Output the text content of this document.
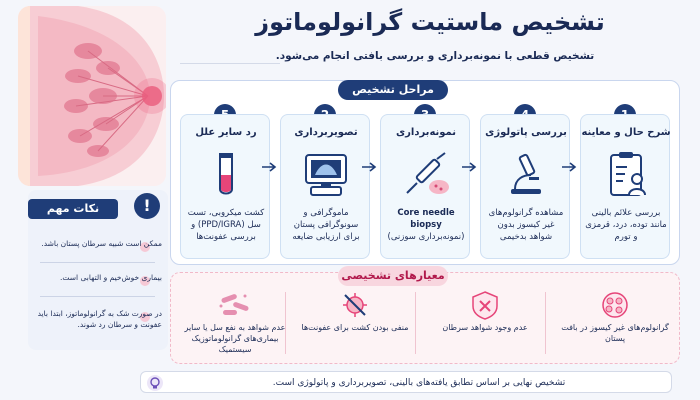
تشخیص ماستیت گرانولوماتوز
تشخیص قطعی با نمونه‌برداری و بررسی بافتی انجام می‌شود.
مراحل تشخیص
شرح حال و معاینه
بررسی علائم بالینی مانند توده، درد، قرمزی و تورم
تصویربرداری
ماموگرافی و سونوگرافی پستان برای ارزیابی ضایعه
نمونه‌برداری
Core needle biopsy
(نمونه‌برداری سوزنی)
بررسی پاتولوژی
مشاهده گرانولوم‌های غیر کیسوز بدون شواهد بدخیمی
رد سایر علل
کشت میکروبی، تست سل (PPD/IGRA) و بررسی عفونت‌ها
نکات مهم	!
ممکن است شبیه سرطان پستان باشد.
بیماری خوش‌خیم و التهابی است.
در صورت شک به گرانولوماتوز، ابتدا باید عفونت و سرطان رد شوند.
معیارهای تشخیصی
گرانولوم‌های غیر کیسوز در بافت پستان
عدم وجود شواهد سرطان
منفی بودن کشت برای عفونت‌ها
عدم شواهد به نفع سل یا سایر بیماری‌های گرانولوماتوزیک سیستمیک
تشخیص نهایی بر اساس تطابق یافته‌های بالینی، تصویربرداری و پاتولوژی است.
